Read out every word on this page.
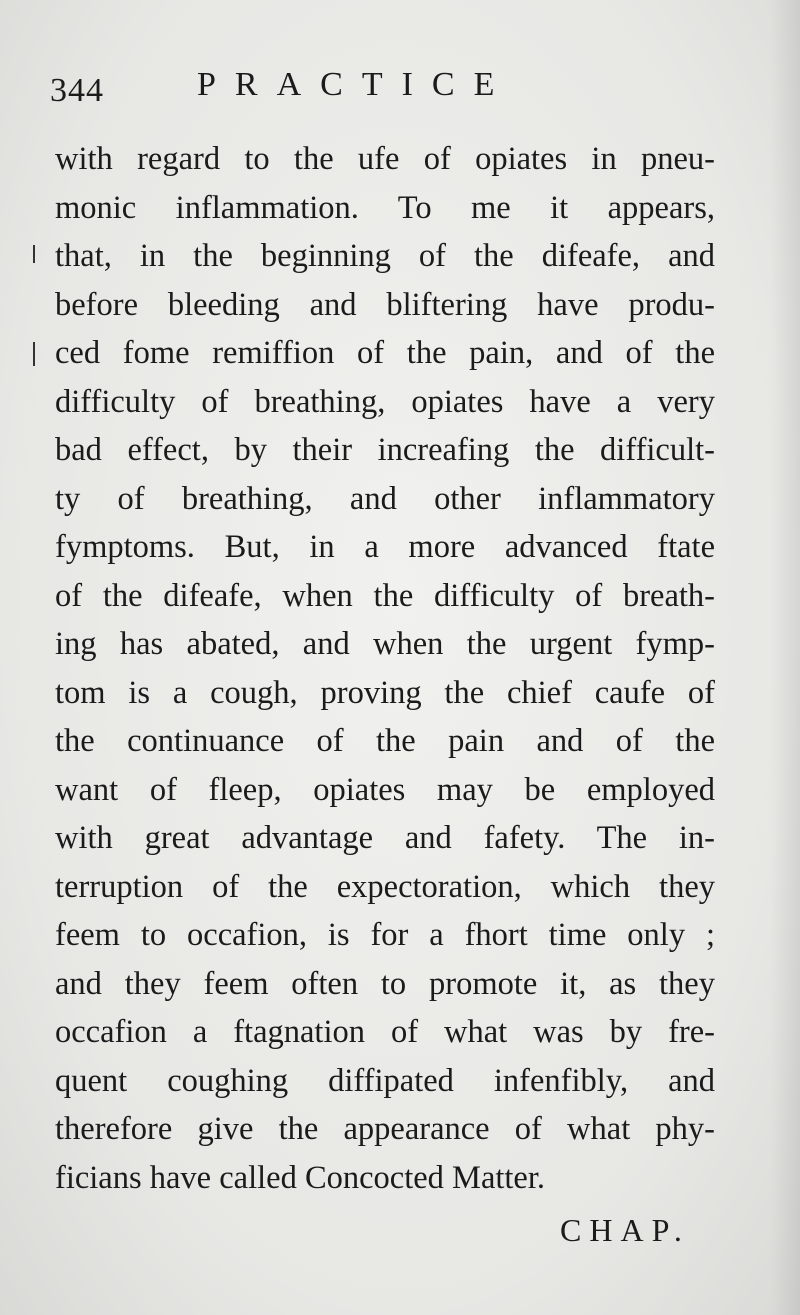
344	PRACTICE
with regard to the ufe of opiates in pneu-
monic inflammation. To me it appears,
that, in the beginning of the difeafe, and
before bleeding and bliftering have produ-
ced fome remiffion of the pain, and of the
difficulty of breathing, opiates have a very
bad effect, by their increafing the difficult-
ty of breathing, and other inflammatory
fymptoms. But, in a more advanced ftate
of the difeafe, when the difficulty of breath-
ing has abated, and when the urgent fymp-
tom is a cough, proving the chief caufe of
the continuance of the pain and of the
want of fleep, opiates may be employed
with great advantage and fafety. The in-
terruption of the expectoration, which they
feem to occafion, is for a fhort time only ;
and they feem often to promote it, as they
occafion a ftagnation of what was by fre-
quent coughing diffipated infenfibly, and
therefore give the appearance of what phy-
ficians have called Concocted Matter.
CHAP.
